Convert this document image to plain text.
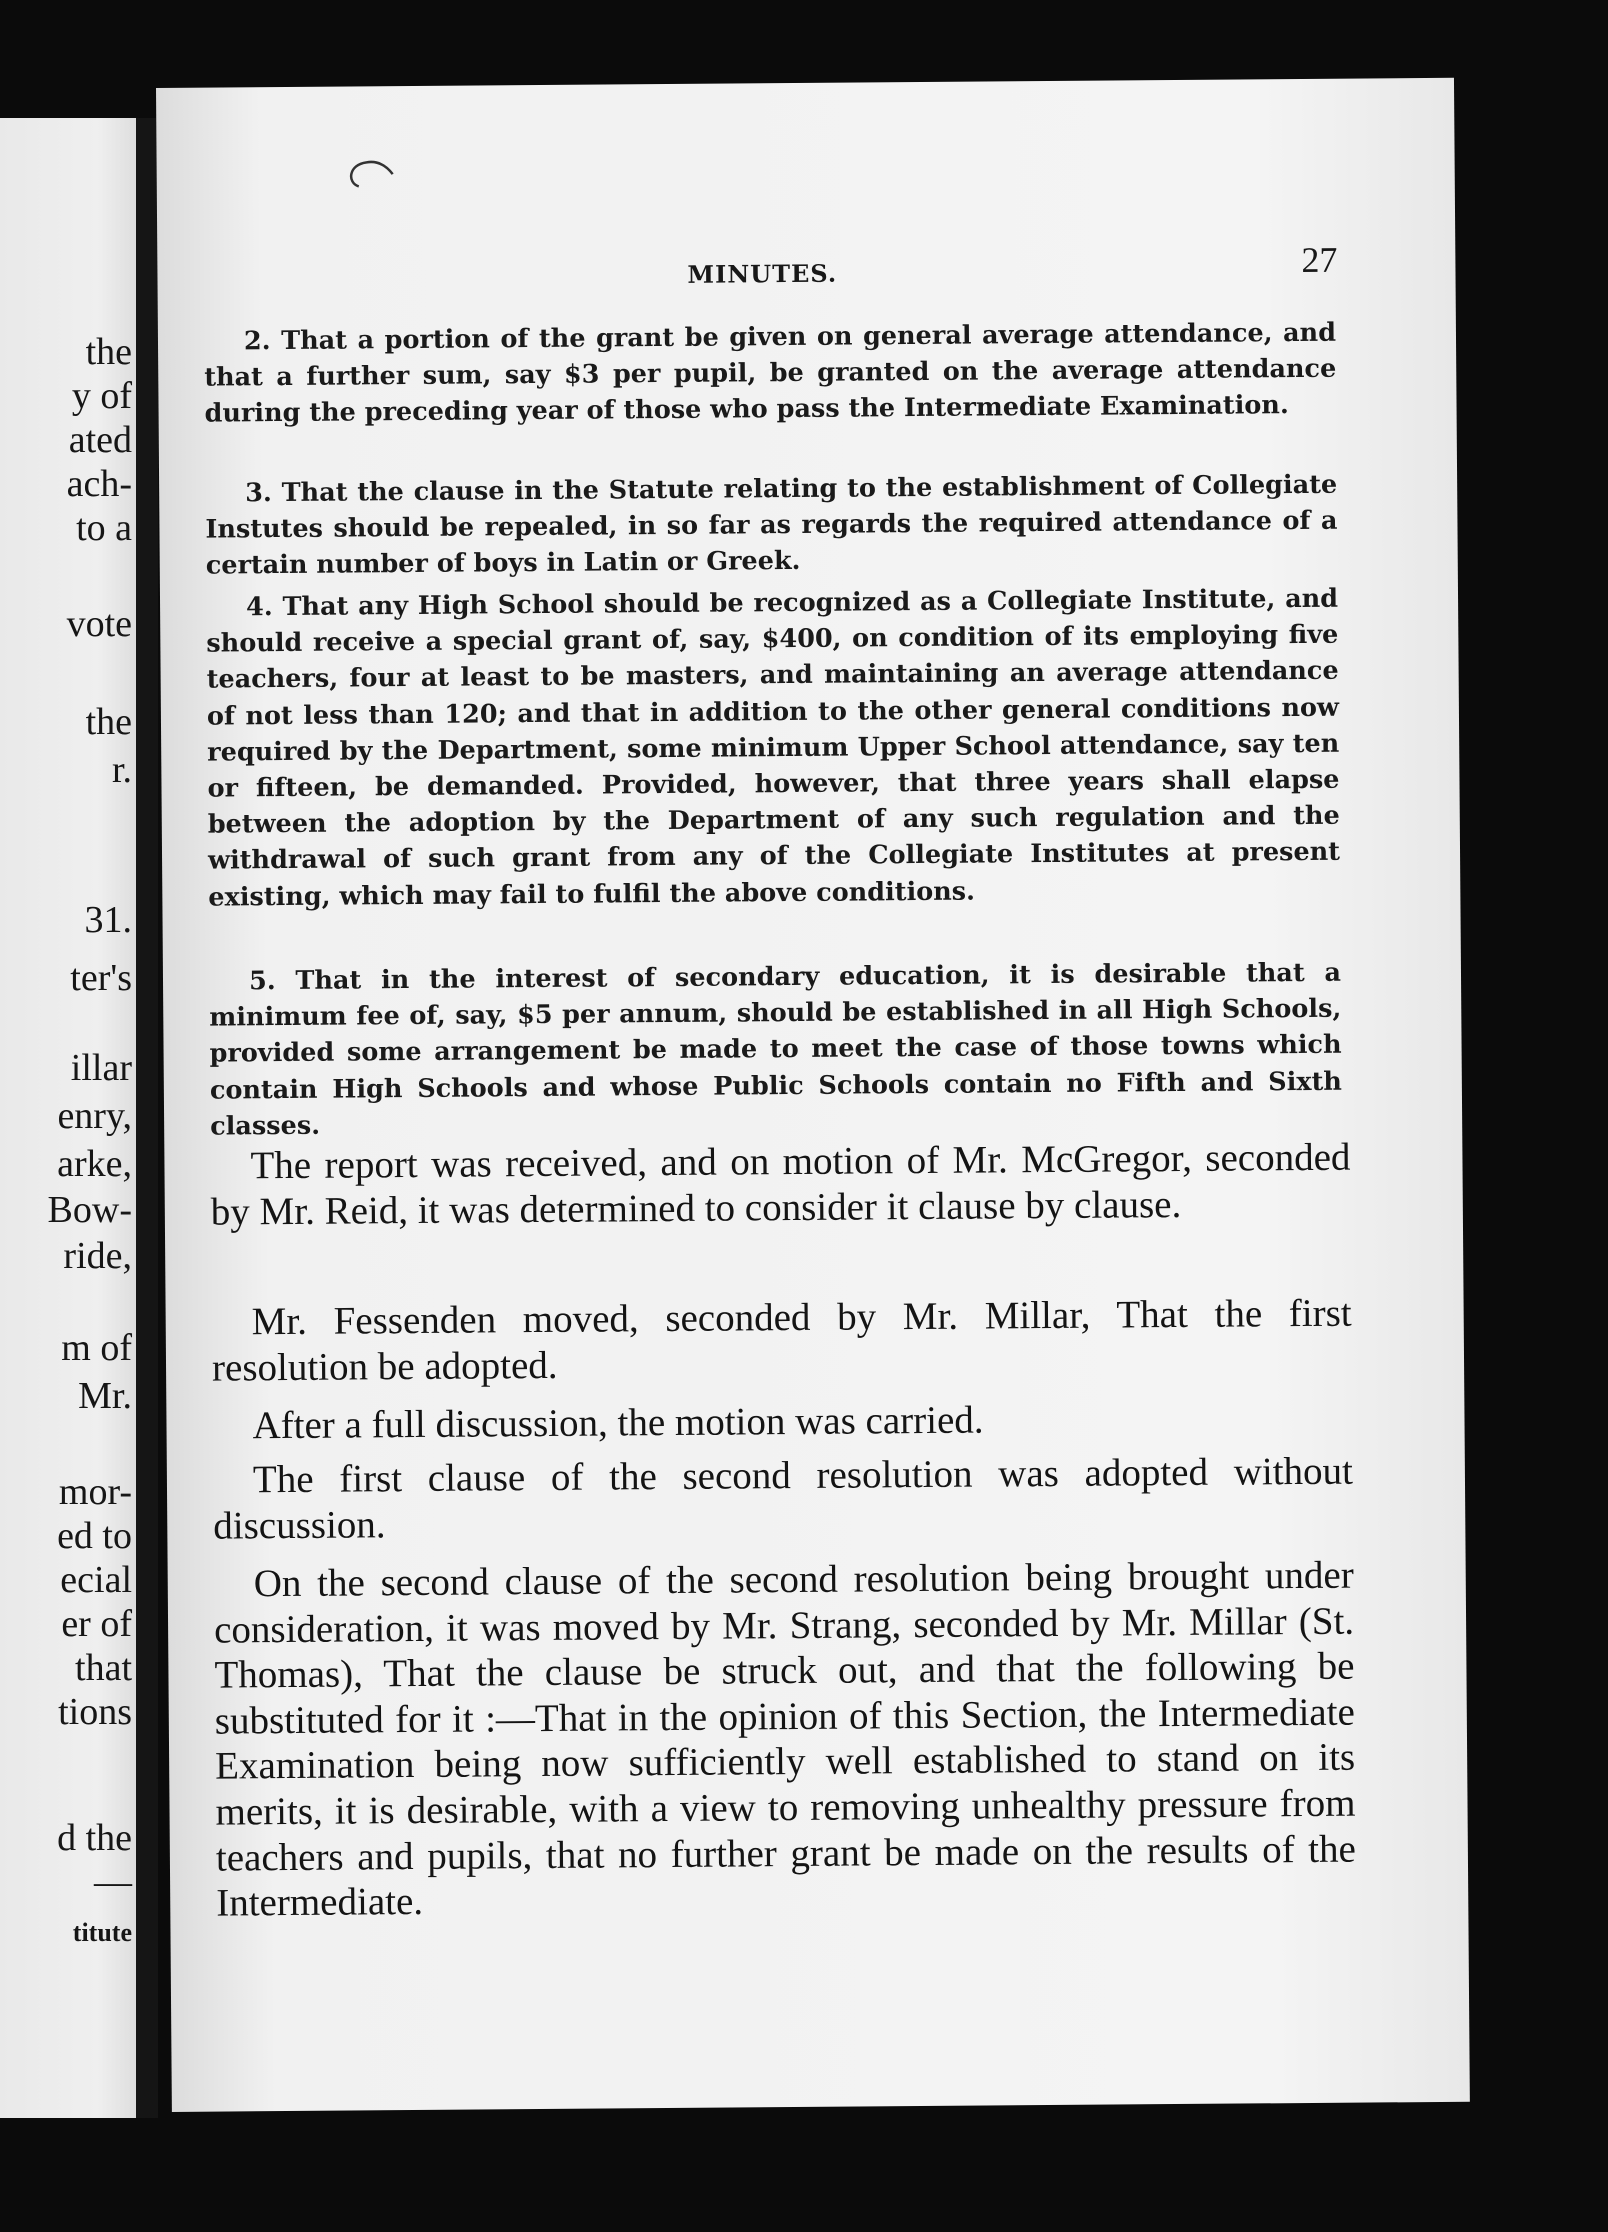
the

y of

ated

ach-

to a

vote

the

r.

31.

ter's

illar

enry,

arke,

Bow-

ride,

m of

Mr.

mor-

ed to

ecial

er of

that

tions

d the

—

titute

MINUTES.	27

2. That a portion of the grant be given on general average attendance, and that a further sum, say $3 per pupil, be granted on the average attendance during the preceding year of those who pass the Intermediate Examination.

3. That the clause in the Statute relating to the establishment of Collegiate Instutes should be repealed, in so far as regards the required attendance of a certain number of boys in Latin or Greek.

4. That any High School should be recognized as a Collegiate Institute, and should receive a special grant of, say, $400, on condition of its employing five teachers, four at least to be masters, and maintaining an average attendance of not less than 120; and that in addition to the other general conditions now required by the Department, some minimum Upper School attendance, say ten or fifteen, be demanded. Provided, however, that three years shall elapse between the adoption by the Department of any such regulation and the withdrawal of such grant from any of the Collegiate Institutes at present existing, which may fail to fulfil the above conditions.

5. That in the interest of secondary education, it is desirable that a minimum fee of, say, $5 per annum, should be established in all High Schools, provided some arrangement be made to meet the case of those towns which contain High Schools and whose Public Schools contain no Fifth and Sixth classes.

The report was received, and on motion of Mr. McGregor, seconded by Mr. Reid, it was determined to consider it clause by clause.

Mr. Fessenden moved, seconded by Mr. Millar, That the first resolution be adopted.

After a full discussion, the motion was carried.

The first clause of the second resolution was adopted without discussion.

On the second clause of the second resolution being brought under consideration, it was moved by Mr. Strang, seconded by Mr. Millar (St. Thomas), That the clause be struck out, and that the following be substituted for it :—That in the opinion of this Section, the Intermediate Examination being now sufficiently well established to stand on its merits, it is desirable, with a view to removing unhealthy pressure from teachers and pupils, that no further grant be made on the results of the Intermediate.
